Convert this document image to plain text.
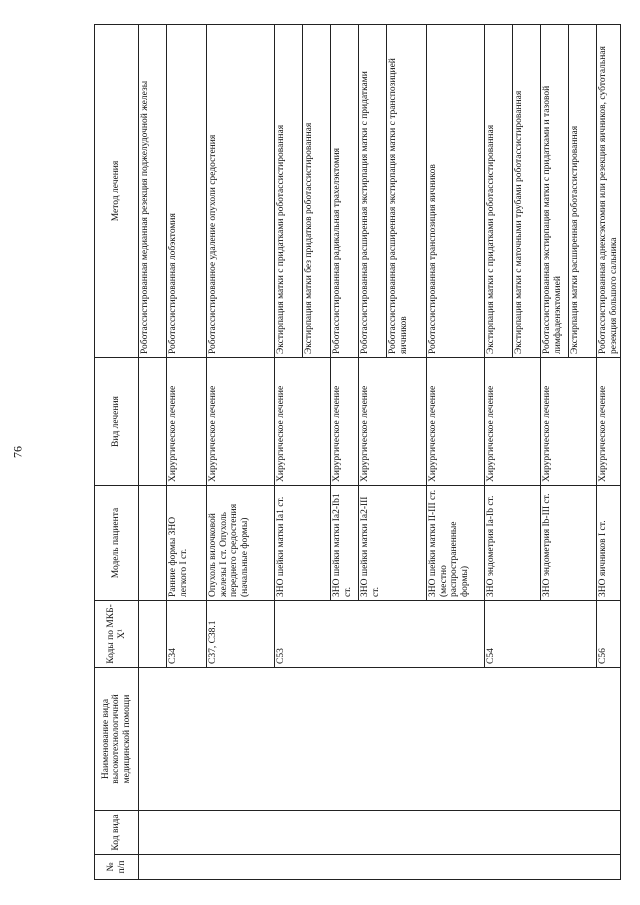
76
№ п/п	Код вида	Наименование вида высокотехнологичной медицинской помощи	Коды по МКБ-X¹	Модель пациента	Вид лечения	Метод лечения
						Роботассистированная медианная резекция поджелудочной железы
			С34	Ранние формы ЗНО легкого I ст.	Хирургическое лечение	Роботассистированная лобэктомия
			С37, С38.1	Опухоль вилочковой железы I ст. Опухоль переднего средостения (начальные формы)	Хирургическое лечение	Роботассистированное удаление опухоли средостения
			С53	ЗНО шейки матки Ia1 ст.	Хирургическое лечение	Экстирпация матки с придатками роботассистированная
						Экстирпация матки без придатков роботассистированная
				ЗНО шейки матки Ia2-Ib1 ст.	Хирургическое лечение	Роботассистированная радикальная трахелэктомия
				ЗНО шейки матки Ia2-III ст.	Хирургическое лечение	Роботассистированная расширенная экстирпация матки с придатками
						Роботассистированная расширенная экстирпация матки с транспозицией яичников
				ЗНО шейки матки II-III ст. (местно распространенные формы)	Хирургическое лечение	Роботассистированная транспозиция яичников
			С54	ЗНО эндометрия Ia-Ib ст.	Хирургическое лечение	Экстирпация матки с придатками роботассистированная
						Экстирпация матки с маточными трубами роботассистированная
				ЗНО эндометрия Ib-III ст.	Хирургическое лечение	Роботассистированная экстирпация матки с придатками и тазовой лимфаденэктомией
						Экстирпация матки расширенная роботассистированная
			С56	ЗНО яичников I ст.	Хирургическое лечение	Роботассистированная аднексэктомия или резекция яичников, субтотальная резекция большого сальника
